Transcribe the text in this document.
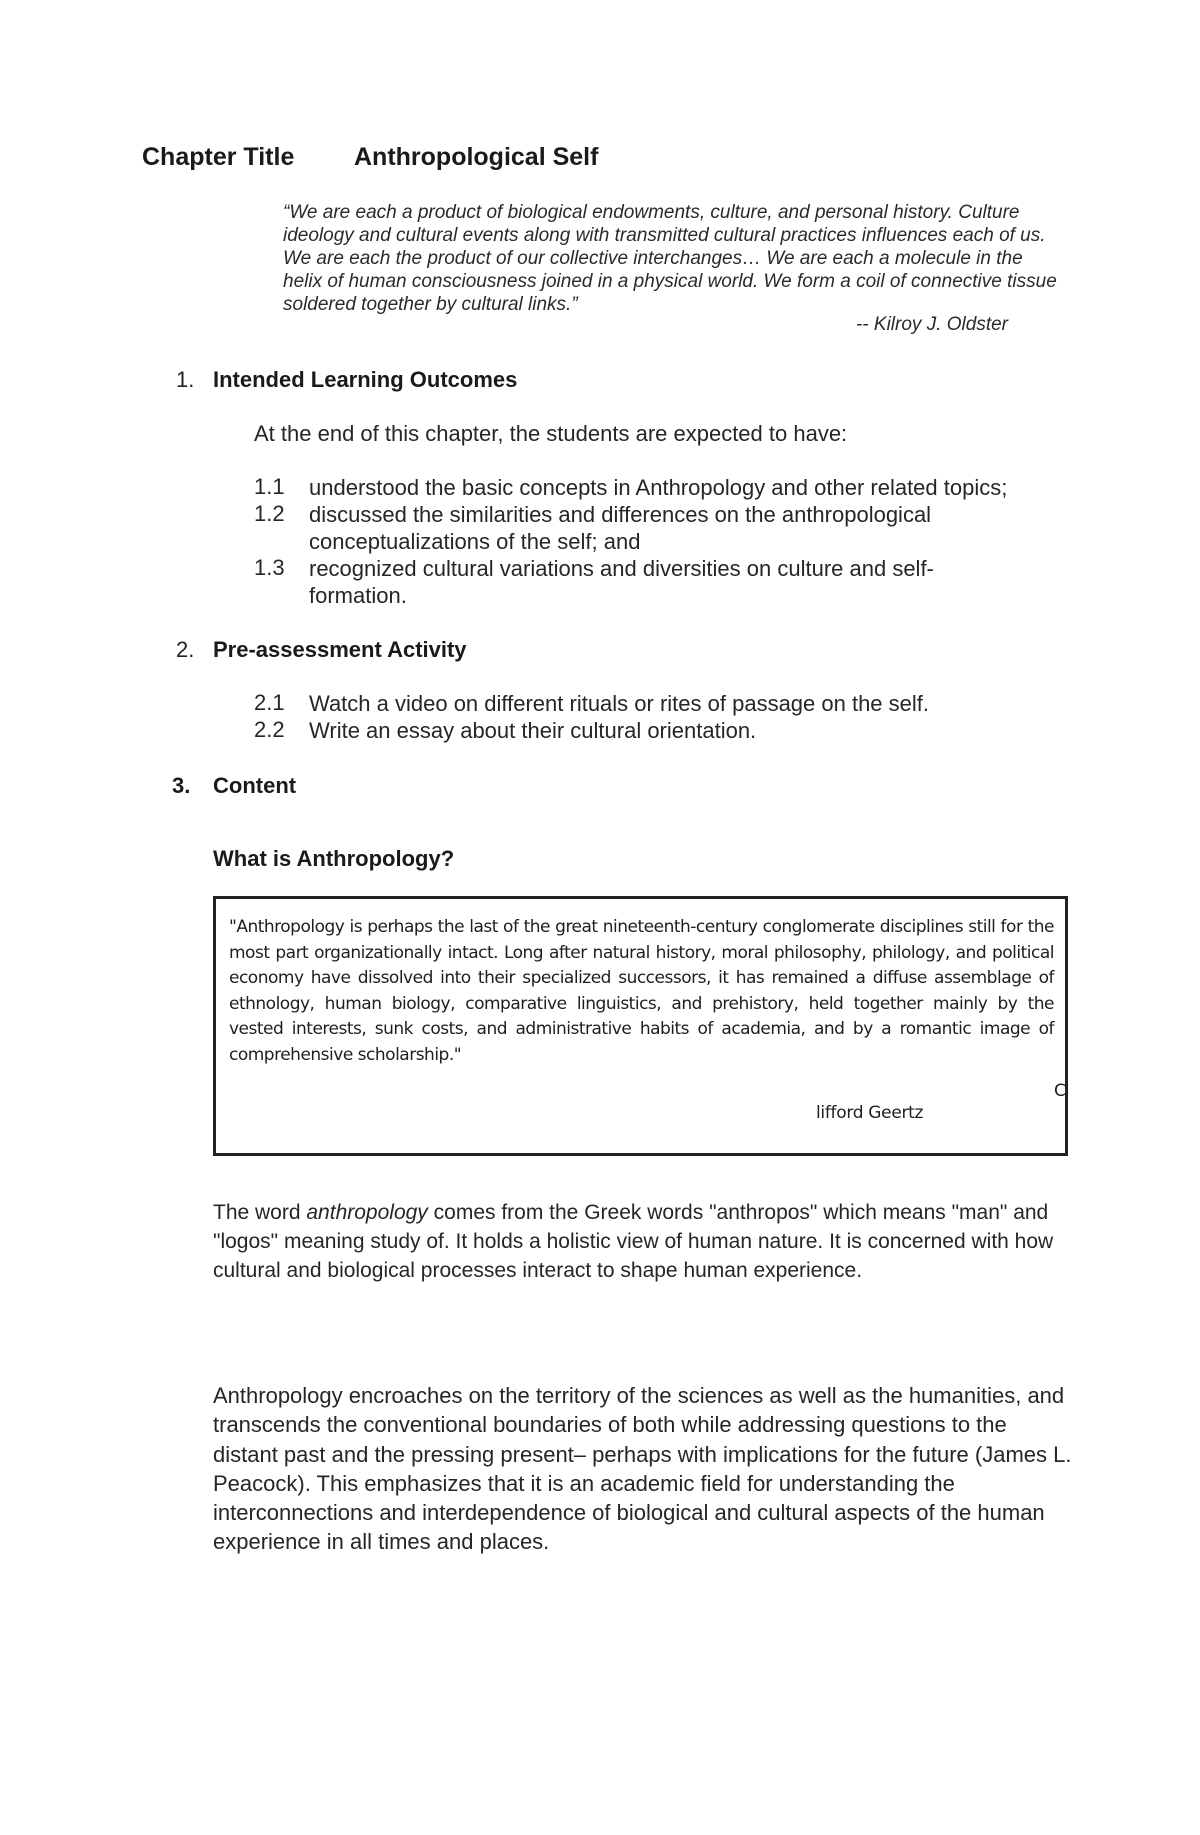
Chapter Title Anthropological Self
“We are each a product of biological endowments, culture, and personal history. Culture ideology and cultural events along with transmitted cultural practices influences each of us. We are each the product of our collective interchanges… We are each a molecule in the helix of human consciousness joined in a physical world. We form a coil of connective tissue soldered together by cultural links.”
-- Kilroy J. Oldster
1. Intended Learning Outcomes
At the end of this chapter, the students are expected to have:
1.1 understood the basic concepts in Anthropology and other related topics;
1.2 discussed the similarities and differences on the anthropological conceptualizations of the self; and
1.3 recognized cultural variations and diversities on culture and self-formation.
2. Pre-assessment Activity
2.1 Watch a video on different rituals or rites of passage on the self.
2.2 Write an essay about their cultural orientation.
3. Content
What is Anthropology?
"Anthropology is perhaps the last of the great nineteenth-century conglomerate disciplines still for the most part organizationally intact. Long after natural history, moral philosophy, philology, and political economy have dissolved into their specialized successors, it has remained a diffuse assemblage of ethnology, human biology, comparative linguistics, and prehistory, held together mainly by the vested interests, sunk costs, and administrative habits of academia, and by a romantic image of comprehensive scholarship."
C
lifford Geertz
The word anthropology comes from the Greek words "anthropos" which means "man" and "logos" meaning study of. It holds a holistic view of human nature. It is concerned with how cultural and biological processes interact to shape human experience.
Anthropology encroaches on the territory of the sciences as well as the humanities, and transcends the conventional boundaries of both while addressing questions to the distant past and the pressing present– perhaps with implications for the future (James L. Peacock). This emphasizes that it is an academic field for understanding the interconnections and interdependence of biological and cultural aspects of the human experience in all times and places.
